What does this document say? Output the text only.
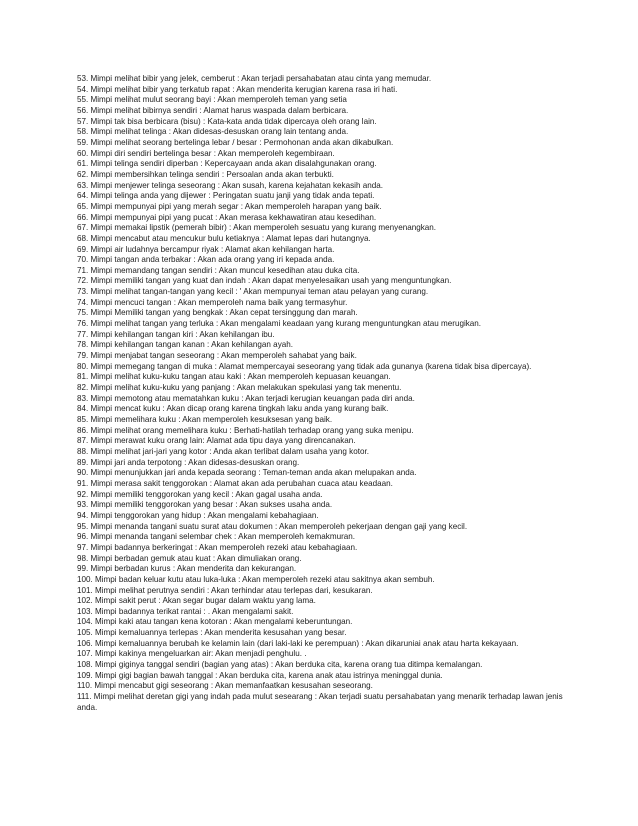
53. Mimpi melihat bibir yang jelek, cemberut : Akan terjadi persahabatan atau cinta yang memudar.

54. Mimpi melihat bibir yang terkatub rapat : Akan menderita kerugian karena rasa iri hati.

55. Mimpi melihat mulut seorang bayi : Akan memperoleh teman yang setia

56. Mimpi melihat bibirnya sendiri : Alamat harus waspada dalam berbicara.

57. Mimpi tak bisa berbicara (bisu) : Kata-kata anda tidak dipercaya oleh orang lain.

58. Mimpi melihat telinga : Akan didesas-desuskan orang lain tentang anda.

59. Mimpi melihat seorang bertelinga lebar / besar : Permohonan anda akan dikabulkan.

60. Mimpi diri sendiri bertelinga besar : Akan memperoleh kegembiraan.

61. Mimpi telinga sendiri diperban : Kepercayaan anda akan disalahgunakan orang.

62. Mimpi membersihkan telinga sendiri : Persoalan anda akan terbukti.

63. Mimpi menjewer telinga seseorang : Akan susah, karena kejahatan kekasih anda.

64. Mimpi telinga anda yang dijewer : Peringatan suatu janji yang tidak anda tepati.

65. Mimpi mempunyai pipi yang merah segar : Akan memperoleh harapan yang baik.

66. Mimpi mempunyai pipi yang pucat : Akan merasa kekhawatiran atau kesedihan.

67. Mimpi memakai lipstik (pemerah bibir) : Akan memperoleh sesuatu yang kurang menyenangkan.

68. Mimpi mencabut atau mencukur bulu ketiaknya : Alamat lepas dari hutangnya.

69. Mimpi air ludahnya bercampur riyak : Alamat akan kehilangan harta.

70. Mimpi tangan anda terbakar : Akan ada orang yang iri kepada anda.

71. Mimpi memandang tangan sendiri : Akan muncul kesedihan atau duka cita.

72. Mimpi memiliki tangan yang kuat dan indah : Akan dapat menyelesaikan usah yang menguntungkan.

73. Mimpi melihat tangan-tangan yang kecil : ' Akan mempunyai teman atau pelayan yang curang.

74. Mimpi mencuci tangan : Akan memperoleh nama baik yang termasyhur.

75. Mimpi Memiliki tangan yang bengkak : Akan cepat tersinggung dan marah.

76. Mimpi melihat tangan yang terluka : Akan mengalami keadaan yang kurang menguntungkan atau merugikan.

77. Mimpi kehilangan tangan kiri : Akan kehilangan ibu.

78. Mimpi kehilangan tangan kanan : Akan kehilangan ayah.

79. Mimpi menjabat tangan seseorang : Akan memperoleh sahabat yang baik.

80. Mimpi memegang tangan di muka : Alamat mempercayai seseorang yang tidak ada gunanya (karena tidak bisa dipercaya).

81. Mimpi melihat kuku-kuku tangan atau kaki : Akan memperoleh kepuasan keuangan.

82. Mimpi melihat kuku-kuku yang panjang : Akan melakukan spekulasi yang tak menentu.

83. Mimpi memotong atau mematahkan kuku : Akan terjadi kerugian keuangan pada diri anda.

84. Mimpi mencat kuku : Akan dicap orang karena tingkah laku anda yang kurang baik.

85. Mimpi memelihara kuku : Akan memperoleh kesuksesan yang baik.

86. Mimpi melihat orang memelihara kuku : Berhati-hatilah terhadap orang yang suka menipu.

87. Mimpi merawat kuku orang lain: Alamat ada tipu daya yang direncanakan.

88. Mimpi melihat jari-jari yang kotor : Anda akan terlibat dalam usaha yang kotor.

89. Mimpi jari anda terpotong : Akan didesas-desuskan orang.

90. Mimpi menunjukkan jari anda kepada seorang : Teman-teman anda akan melupakan anda.

91. Mimpi merasa sakit tenggorokan : Alamat akan ada perubahan cuaca atau keadaan.

92. Mimpi memiliki tenggorokan yang kecil : Akan gagal usaha anda.

93. Mimpi memiliki tenggorokan yang besar : Akan sukses usaha anda.

94. Mimpi tenggorokan yang hidup : Akan mengalami kebahagiaan.

95. Mimpi menanda tangani suatu surat atau dokumen : Akan memperoleh pekerjaan dengan gaji yang kecil.

96. Mimpi menanda tangani selembar chek : Akan memperoleh kemakmuran.

97. Mimpi badannya berkeringat : Akan memperoleh rezeki atau kebahagiaan.

98. Mimpi berbadan gemuk atau kuat : Akan dimuliakan orang.

99. Mimpi berbadan kurus : Akan menderita dan kekurangan.

100. Mimpi badan keluar kutu atau luka-luka : Akan memperoleh rezeki atau sakitnya akan sembuh.

101. Mimpi melihat perutnya sendiri : Akan terhindar atau terlepas dari, kesukaran.

102. Mimpi sakit perut : Akan segar bugar dalam waktu yang lama.

103. Mimpi badannya terikat rantai : . Akan mengalami sakit.

104. Mimpi kaki atau tangan kena kotoran : Akan mengalami keberuntungan.

105. Mimpi kemaluannya terlepas : Akan menderita kesusahan yang besar.

106. Mimpi kemaluannya berubah ke kelamin lain (dari laki-laki ke perempuan) : Akan dikaruniai anak atau harta kekayaan.

107. Mimpi kakinya mengeluarkan air: Akan menjadi penghulu. .

108. Mimpi giginya tanggal sendiri (bagian yang atas) : Akan berduka cita, karena orang tua ditimpa kemalangan.

109. Mimpi gigi bagian bawah tanggal : Akan berduka cita, karena anak atau istrinya meninggal dunia.

110. Mimpi mencabut gigi seseorang : Akan memanfaatkan kesusahan seseorang.

111. Mimpi melihat deretan gigi yang indah pada mulut sesearang : Akan terjadi suatu persahabatan yang menarik terhadap lawan jenis anda.
